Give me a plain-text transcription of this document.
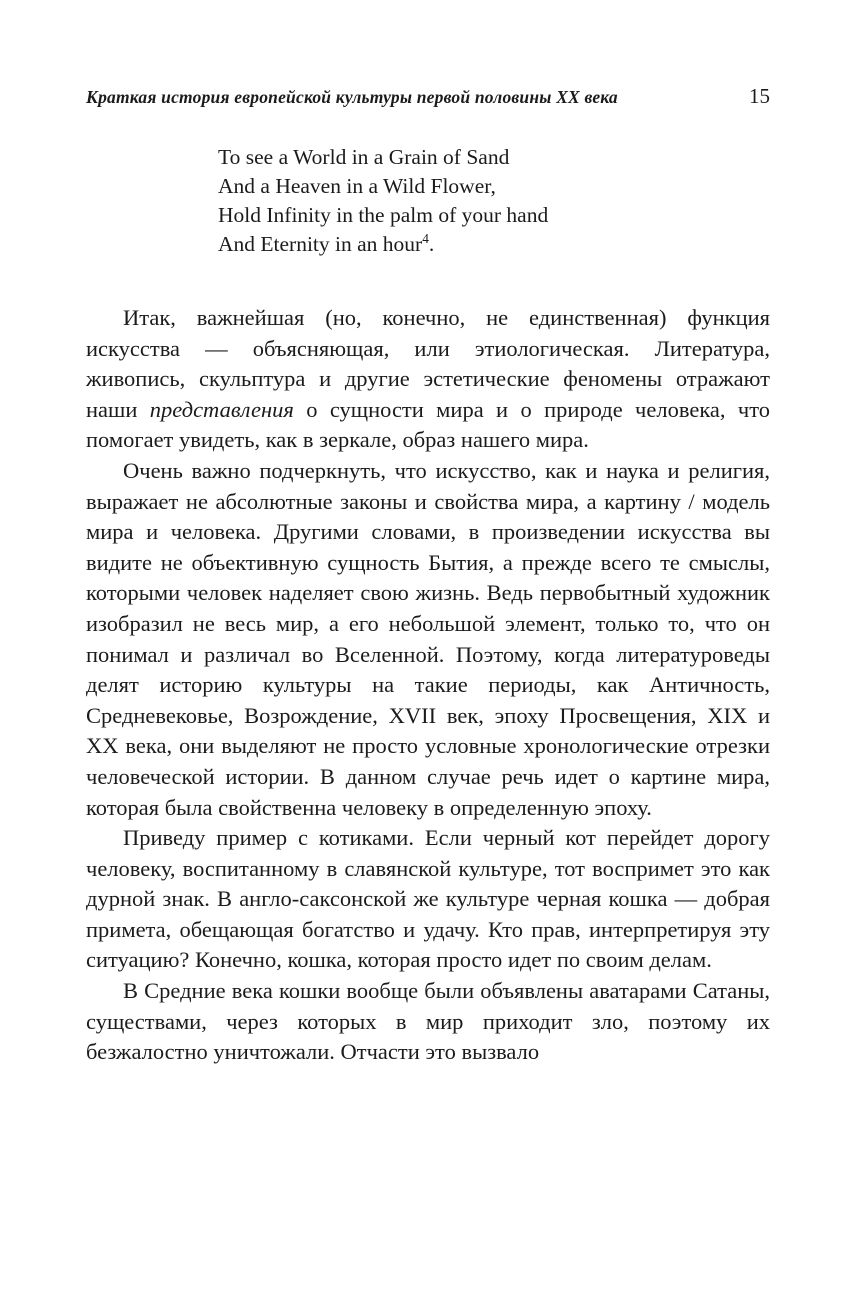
Краткая история европейской культуры первой половины XX века	15
To see a World in a Grain of Sand
And a Heaven in a Wild Flower,
Hold Infinity in the palm of your hand
And Eternity in an hour$^4$.

Итак, важнейшая (но, конечно, не единственная) функция искусства — объясняющая, или этиологическая. Литература, живопись, скульптура и другие эстетические феномены отражают наши представления о сущности мира и о природе человека, что помогает увидеть, как в зеркале, образ нашего мира.

Очень важно подчеркнуть, что искусство, как и наука и религия, выражает не абсолютные законы и свойства мира, а картину / модель мира и человека. Другими словами, в произведении искусства вы видите не объективную сущность Бытия, а прежде всего те смыслы, которыми человек наделяет свою жизнь. Ведь первобытный художник изобразил не весь мир, а его небольшой элемент, только то, что он понимал и различал во Вселенной. Поэтому, когда литературоведы делят историю культуры на такие периоды, как Античность, Средневековье, Возрождение, XVII век, эпоху Просвещения, XIX и XX века, они выделяют не просто условные хронологические отрезки человеческой истории. В данном случае речь идет о картине мира, которая была свойственна человеку в определенную эпоху.

Приведу пример с котиками. Если черный кот перейдет дорогу человеку, воспитанному в славянской культуре, тот воспримет это как дурной знак. В англо-саксонской же культуре черная кошка — добрая примета, обещающая богатство и удачу. Кто прав, интерпретируя эту ситуацию? Конечно, кошка, которая просто идет по своим делам.

В Средние века кошки вообще были объявлены аватарами Сатаны, существами, через которых в мир приходит зло, поэтому их безжалостно уничтожали. Отчасти это вызвало
